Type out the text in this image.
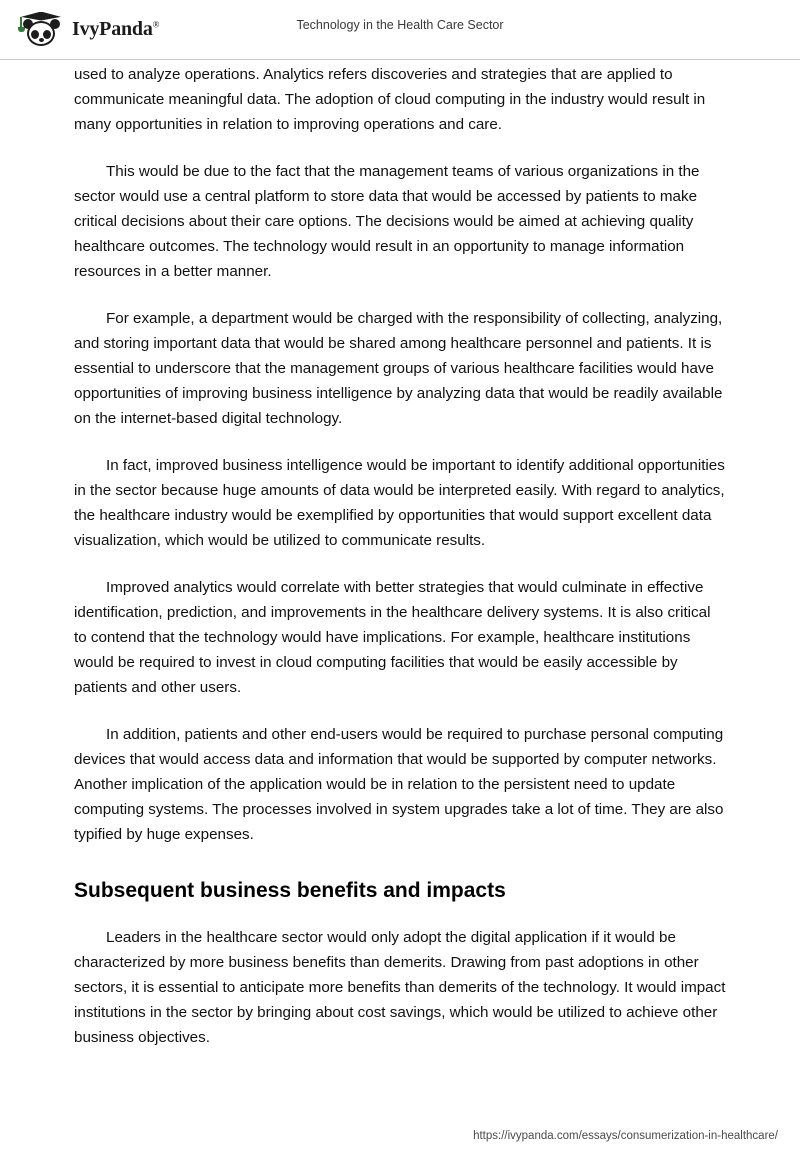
IvyPanda®	Technology in the Health Care Sector

used to analyze operations. Analytics refers discoveries and strategies that are applied to communicate meaningful data. The adoption of cloud computing in the industry would result in many opportunities in relation to improving operations and care.

This would be due to the fact that the management teams of various organizations in the sector would use a central platform to store data that would be accessed by patients to make critical decisions about their care options. The decisions would be aimed at achieving quality healthcare outcomes. The technology would result in an opportunity to manage information resources in a better manner.

For example, a department would be charged with the responsibility of collecting, analyzing, and storing important data that would be shared among healthcare personnel and patients. It is essential to underscore that the management groups of various healthcare facilities would have opportunities of improving business intelligence by analyzing data that would be readily available on the internet-based digital technology.

In fact, improved business intelligence would be important to identify additional opportunities in the sector because huge amounts of data would be interpreted easily. With regard to analytics, the healthcare industry would be exemplified by opportunities that would support excellent data visualization, which would be utilized to communicate results.

Improved analytics would correlate with better strategies that would culminate in effective identification, prediction, and improvements in the healthcare delivery systems. It is also critical to contend that the technology would have implications. For example, healthcare institutions would be required to invest in cloud computing facilities that would be easily accessible by patients and other users.

In addition, patients and other end-users would be required to purchase personal computing devices that would access data and information that would be supported by computer networks. Another implication of the application would be in relation to the persistent need to update computing systems. The processes involved in system upgrades take a lot of time. They are also typified by huge expenses.

Subsequent business benefits and impacts

Leaders in the healthcare sector would only adopt the digital application if it would be characterized by more business benefits than demerits. Drawing from past adoptions in other sectors, it is essential to anticipate more benefits than demerits of the technology. It would impact institutions in the sector by bringing about cost savings, which would be utilized to achieve other business objectives.

https://ivypanda.com/essays/consumerization-in-healthcare/
